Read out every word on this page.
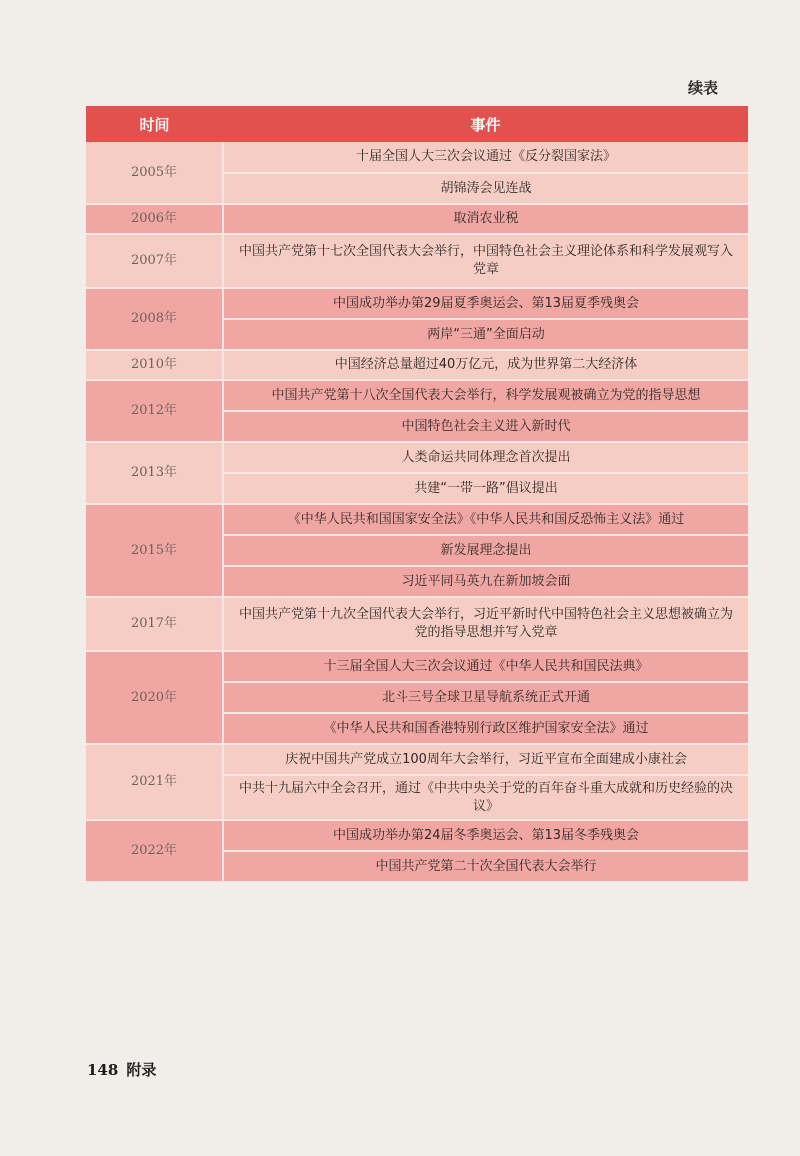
续表
时间	事件
2005年	十届全国人大三次会议通过《反分裂国家法》
	胡锦涛会见连战
2006年	取消农业税
2007年	中国共产党第十七次全国代表大会举行，中国特色社会主义理论体系和科学发展观写入党章
2008年	中国成功举办第29届夏季奥运会、第13届夏季残奥会
	两岸“三通”全面启动
2010年	中国经济总量超过40万亿元，成为世界第二大经济体
2012年	中国共产党第十八次全国代表大会举行，科学发展观被确立为党的指导思想
	中国特色社会主义进入新时代
2013年	人类命运共同体理念首次提出
	共建“一带一路”倡议提出
2015年	《中华人民共和国国家安全法》《中华人民共和国反恐怖主义法》通过
	新发展理念提出
	习近平同马英九在新加坡会面
2017年	中国共产党第十九次全国代表大会举行，习近平新时代中国特色社会主义思想被确立为党的指导思想并写入党章
2020年	十三届全国人大三次会议通过《中华人民共和国民法典》
	北斗三号全球卫星导航系统正式开通
	《中华人民共和国香港特别行政区维护国家安全法》通过
2021年	庆祝中国共产党成立100周年大会举行，习近平宣布全面建成小康社会
	中共十九届六中全会召开，通过《中共中央关于党的百年奋斗重大成就和历史经验的决议》
2022年	中国成功举办第24届冬季奥运会、第13届冬季残奥会
	中国共产党第二十次全国代表大会举行
148 附录
